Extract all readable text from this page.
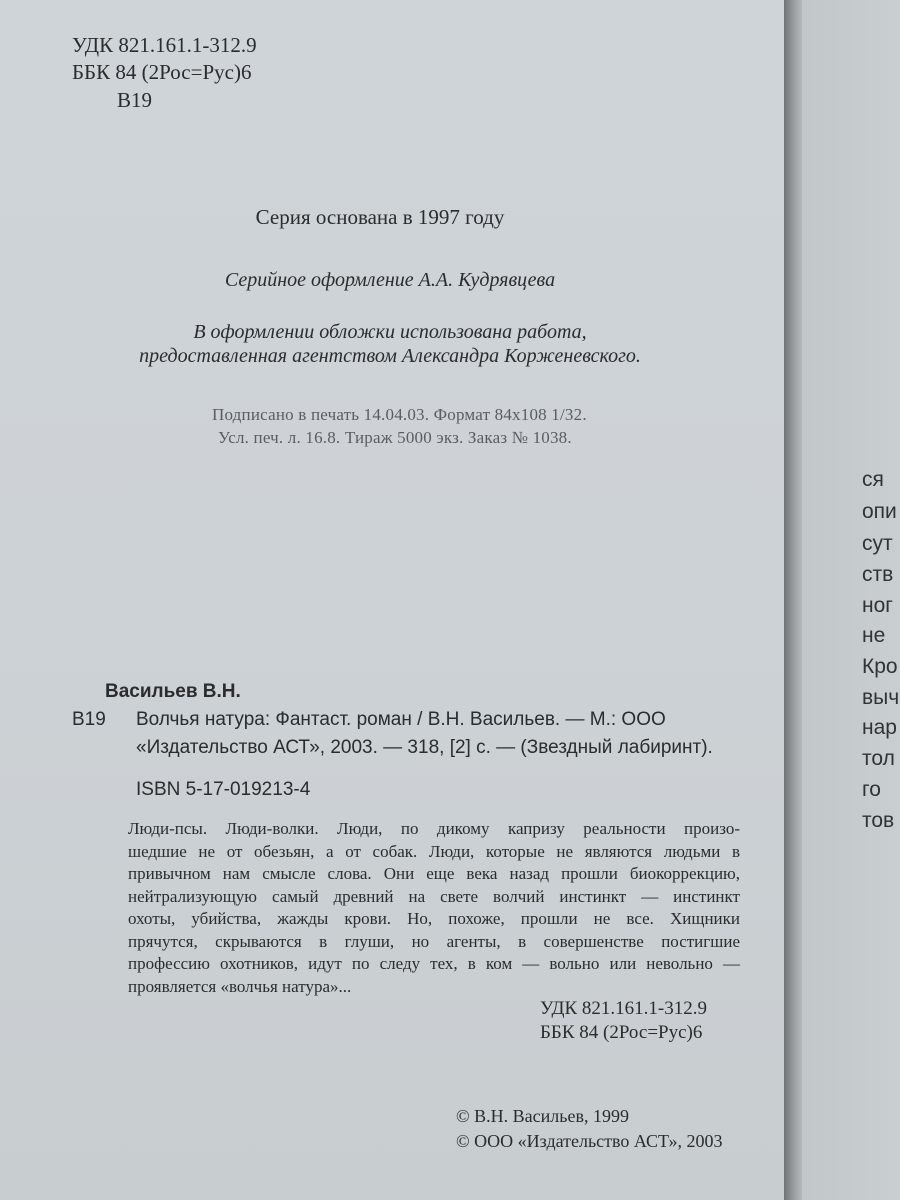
УДК 821.161.1-312.9
ББК 84 (2Рос=Рус)6
В19
Серия основана в 1997 году
Серийное оформление А.А. Кудрявцева
В оформлении обложки использована работа,
предоставленная агентством Александра Корженевского.
Подписано в печать 14.04.03. Формат 84x108 1/32.
Усл. печ. л. 16.8. Тираж 5000 экз. Заказ № 1038.
Васильев В.Н.
В19 Волчья натура: Фантаст. роман / В.Н. Васильев. — М.: ООО
«Издательство АСТ», 2003. — 318, [2] с. — (Звездный лабиринт).
ISBN 5-17-019213-4
Люди-псы. Люди-волки. Люди, по дикому капризу реальности произо-
шедшие не от обезьян, а от собак. Люди, которые не являются людьми в
привычном нам смысле слова. Они еще века назад прошли биокоррекцию,
нейтрализующую самый древний на свете волчий инстинкт — инстинкт
охоты, убийства, жажды крови. Но, похоже, прошли не все. Хищники
прячутся, скрываются в глуши, но агенты, в совершенстве постигшие
профессию охотников, идут по следу тех, в ком — вольно или невольно —
проявляется «волчья натура»...
УДК 821.161.1-312.9
ББК 84 (2Рос=Рус)6
© В.Н. Васильев, 1999
© ООО «Издательство АСТ», 2003
ся
опи
сут
ств
ног
не
Кро
выч
нар
тол
го
тов
